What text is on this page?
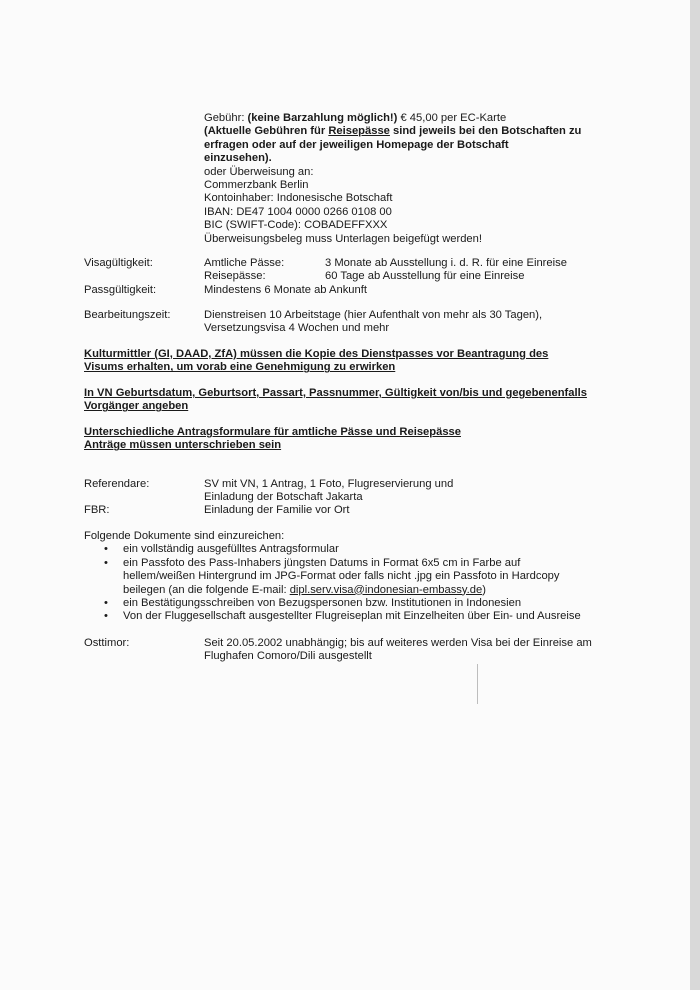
Gebühr: (keine Barzahlung möglich!) € 45,00 per EC-Karte
(Aktuelle Gebühren für Reisepässe sind jeweils bei den Botschaften zu
erfragen oder auf der jeweiligen Homepage der Botschaft
einzusehen).
oder Überweisung an:
Commerzbank Berlin
Kontoinhaber: Indonesische Botschaft
IBAN: DE47 1004 0000 0266 0108 00
BIC (SWIFT-Code): COBADEFFXXX
Überweisungsbeleg muss Unterlagen beigefügt werden!
Visagültigkeit:	Amtliche Pässe:	3 Monate ab Ausstellung i. d. R. für eine Einreise
Reisepässe:	60 Tage ab Ausstellung für eine Einreise
Passgültigkeit:	Mindestens 6 Monate ab Ankunft
Bearbeitungszeit:	Dienstreisen 10 Arbeitstage (hier Aufenthalt von mehr als 30 Tagen),
Versetzungsvisa 4 Wochen und mehr
Kulturmittler (GI, DAAD, ZfA) müssen die Kopie des Dienstpasses vor Beantragung des
Visums erhalten, um vorab eine Genehmigung zu erwirken
In VN Geburtsdatum, Geburtsort, Passart, Passnummer, Gültigkeit von/bis und gegebenenfalls
Vorgänger angeben
Unterschiedliche Antragsformulare für amtliche Pässe und Reisepässe
Anträge müssen unterschrieben sein
Referendare:	SV mit VN, 1 Antrag, 1 Foto, Flugreservierung und
Einladung der Botschaft Jakarta
FBR:	Einladung der Familie vor Ort
Folgende Dokumente sind einzureichen:
• ein vollständig ausgefülltes Antragsformular
• ein Passfoto des Pass-Inhabers jüngsten Datums in Format 6x5 cm in Farbe auf
hellem/weißen Hintergrund im JPG-Format oder falls nicht .jpg ein Passfoto in Hardcopy
beilegen (an die folgende E-mail: dipl.serv.visa@indonesian-embassy.de)
• ein Bestätigungsschreiben von Bezugspersonen bzw. Institutionen in Indonesien
• Von der Fluggesellschaft ausgestellter Flugreiseplan mit Einzelheiten über Ein- und Ausreise
Osttimor:	Seit 20.05.2002 unabhängig; bis auf weiteres werden Visa bei der Einreise am
Flughafen Comoro/Dili ausgestellt
